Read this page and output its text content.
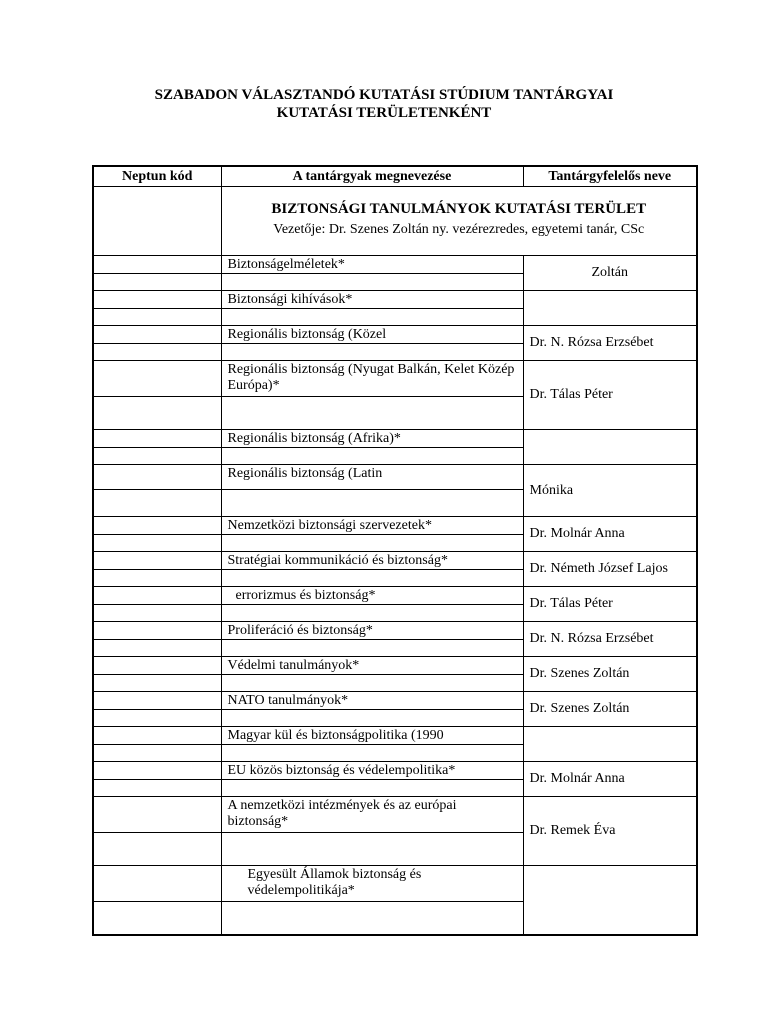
SZABADON VÁLASZTANDÓ KUTATÁSI STÚDIUM TANTÁRGYAI
KUTATÁSI TERÜLETENKÉNT
Neptun kód	A tantárgyak megnevezése	Tantárgyfelelős neve

	BIZTONSÁGI TANULMÁNYOK KUTATÁSI TERÜLET
Vezetője: Dr. Szenes Zoltán ny. vezérezredes, egyetemi tanár, CSc	

	Biztonságelméletek*	Zoltán

	Biztonsági kihívások*	

	Regionális biztonság (Közel	Dr. N. Rózsa Erzsébet

	Regionális biztonság (Nyugat Balkán, Kelet Közép Európa)*	Dr. Tálas Péter

	Regionális biztonság (Afrika)*	

	Regionális biztonság (Latin	Mónika

	Nemzetközi biztonsági szervezetek*	Dr. Molnár Anna

	Stratégiai kommunikáció és biztonság*	Dr. Németh József Lajos

	errorizmus és biztonság*	Dr. Tálas Péter

	Proliferáció és biztonság*	Dr. N. Rózsa Erzsébet

	Védelmi tanulmányok*	Dr. Szenes Zoltán

	NATO tanulmányok*	Dr. Szenes Zoltán

	Magyar kül és biztonságpolitika (1990	

	EU közös biztonság és védelempolitika*	Dr. Molnár Anna

	A nemzetközi intézmények és az európai biztonság*	Dr. Remek Éva

	Egyesült Államok biztonság és védelempolitikája*	
